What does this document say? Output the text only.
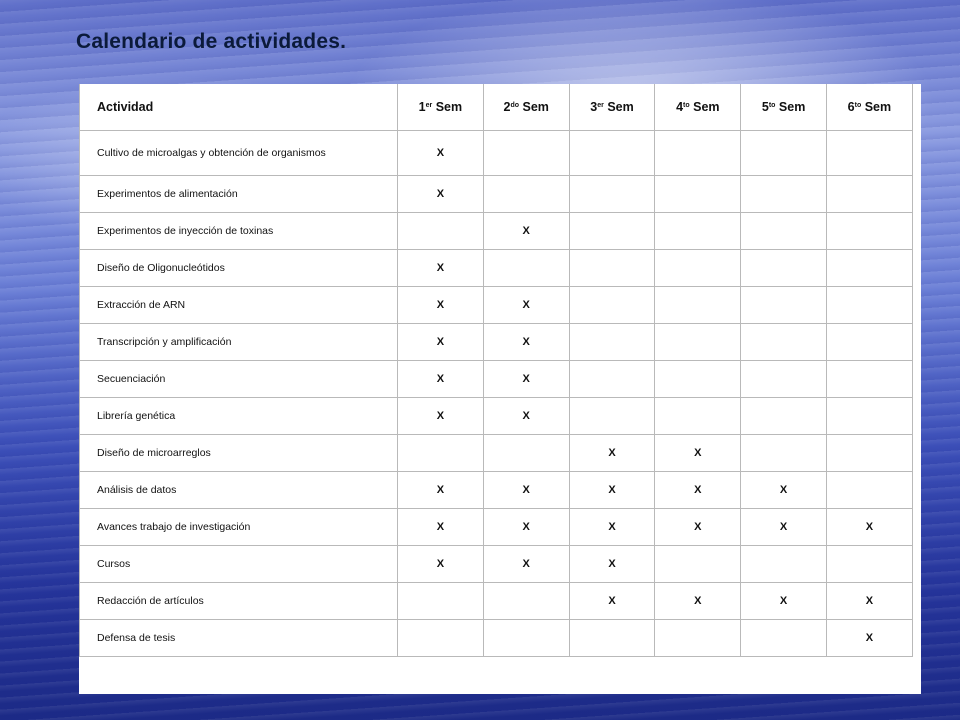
Calendario de actividades.
Actividad	1er Sem	$2^{do}$ Sem	3er Sem	$4^{to}$ Sem	$5^{to}$ Sem	$6^{to}$ Sem
Cultivo de microalgas y obtención de organismos	X					
Experimentos de alimentación	X					
Experimentos de inyección de toxinas		X				
Diseño de Oligonucleótidos	X					
Extracción de ARN	X	X				
Transcripción y amplificación	X	X				
Secuenciación	X	X				
Librería genética	X	X				
Diseño de microarreglos			X	X		
Análisis de datos	X	X	X	X	X	
Avances trabajo de investigación	X	X	X	X	X	X
Cursos	X	X	X			
Redacción de artículos			X	X	X	X
Defensa de tesis						X
